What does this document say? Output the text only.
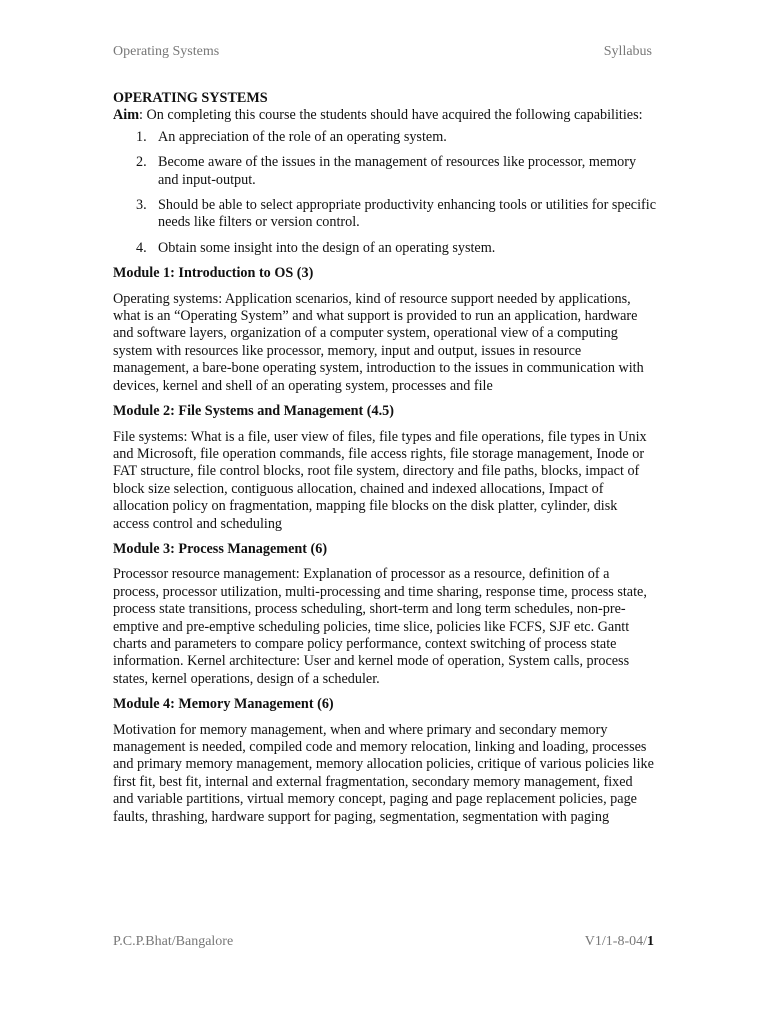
Operating Systems	Syllabus

OPERATING SYSTEMS

Aim: On completing this course the students should have acquired the following capabilities:

1. An appreciation of the role of an operating system.
2. Become aware of the issues in the management of resources like processor, memory and input-output.
3. Should be able to select appropriate productivity enhancing tools or utilities for specific needs like filters or version control.
4. Obtain some insight into the design of an operating system.

Module 1: Introduction to OS (3)

Operating systems: Application scenarios, kind of resource support needed by applications, what is an “Operating System” and what support is provided to run an application, hardware and software layers, organization of a computer system, operational view of a computing system with resources like processor, memory, input and output, issues in resource management, a bare-bone operating system, introduction to the issues in communication with devices, kernel and shell of an operating system, processes and file

Module 2: File Systems and Management (4.5)

File systems: What is a file, user view of files, file types and file operations, file types in Unix and Microsoft, file operation commands, file access rights, file storage management, Inode or FAT structure, file control blocks, root file system, directory and file paths, blocks, impact of block size selection, contiguous allocation, chained and indexed allocations, Impact of allocation policy on fragmentation, mapping file blocks on the disk platter, cylinder, disk access control and scheduling

Module 3: Process Management (6)

Processor resource management: Explanation of processor as a resource, definition of a process, processor utilization, multi-processing and time sharing, response time, process state, process state transitions, process scheduling, short-term and long term schedules, non-pre-emptive and pre-emptive scheduling policies, time slice, policies like FCFS, SJF etc. Gantt charts and parameters to compare policy performance, context switching of process state information. Kernel architecture: User and kernel mode of operation, System calls, process states, kernel operations, design of a scheduler.

Module 4: Memory Management (6)

Motivation for memory management, when and where primary and secondary memory management is needed, compiled code and memory relocation, linking and loading, processes and primary memory management, memory allocation policies, critique of various policies like first fit, best fit, internal and external fragmentation, secondary memory management, fixed and variable partitions, virtual memory concept, paging and page replacement policies, page faults, thrashing, hardware support for paging, segmentation, segmentation with paging

P.C.P.Bhat/Bangalore	V1/1-8-04/1
